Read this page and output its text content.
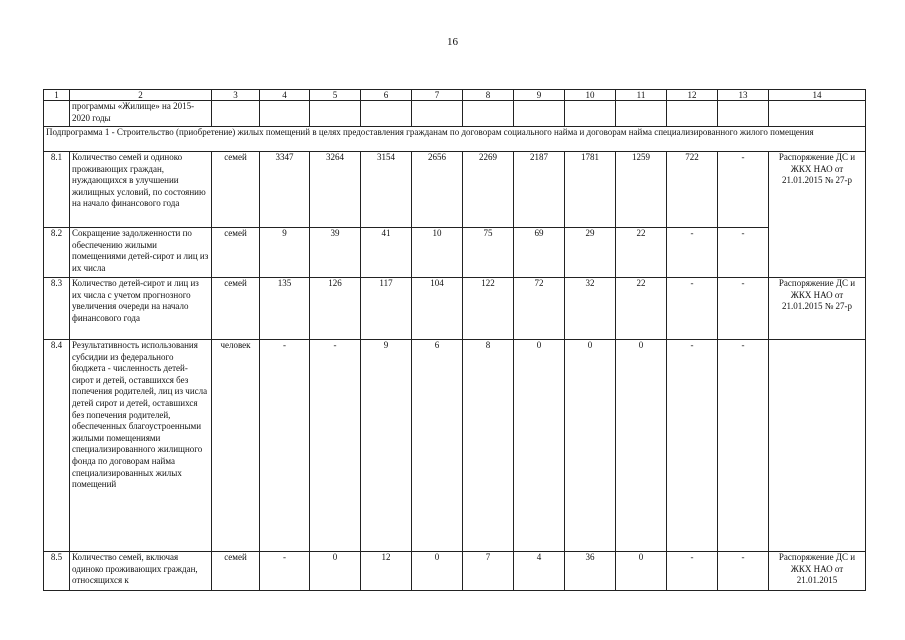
16
1	2	3	4	5	6	7	8	9	10	11	12	13	14
	программы «Жилище» на 2015-2020 годы												
Подпрограмма 1 - Строительство (приобретение) жилых помещений в целях предоставления гражданам по договорам социального найма и договорам найма специализированного жилого помещения													
8.1	Количество семей и одиноко проживающих граждан, нуждающихся в улучшении жилищных условий, по состоянию на начало финансового года	семей	3347	3264	3154	2656	2269	2187	1781	1259	722	-	Распоряжение ДС и ЖКХ НАО от 21.01.2015 № 27-р
8.2	Сокращение задолженности по обеспечению жилыми помещениями детей-сирот и лиц из их числа	семей	9	39	41	10	75	69	29	22	-	-	
8.3	Количество детей-сирот и лиц из их числа с учетом прогнозного увеличения очереди на начало финансового года	семей	135	126	117	104	122	72	32	22	-	-	Распоряжение ДС и ЖКХ НАО от 21.01.2015 № 27-р
8.4	Результативность использования субсидии из федерального бюджета - численность детей-сирот и детей, оставшихся без попечения родителей, лиц из числа детей сирот и детей, оставшихся без попечения родителей, обеспеченных благоустроенными жилыми помещениями специализированного жилищного фонда по договорам найма специализированных жилых помещений	человек	-	-	9	6	8	0	0	0	-	-	
8.5	Количество семей, включая одиноко проживающих граждан, относящихся к	семей	-	0	12	0	7	4	36	0	-	-	Распоряжение ДС и ЖКХ НАО от 21.01.2015
